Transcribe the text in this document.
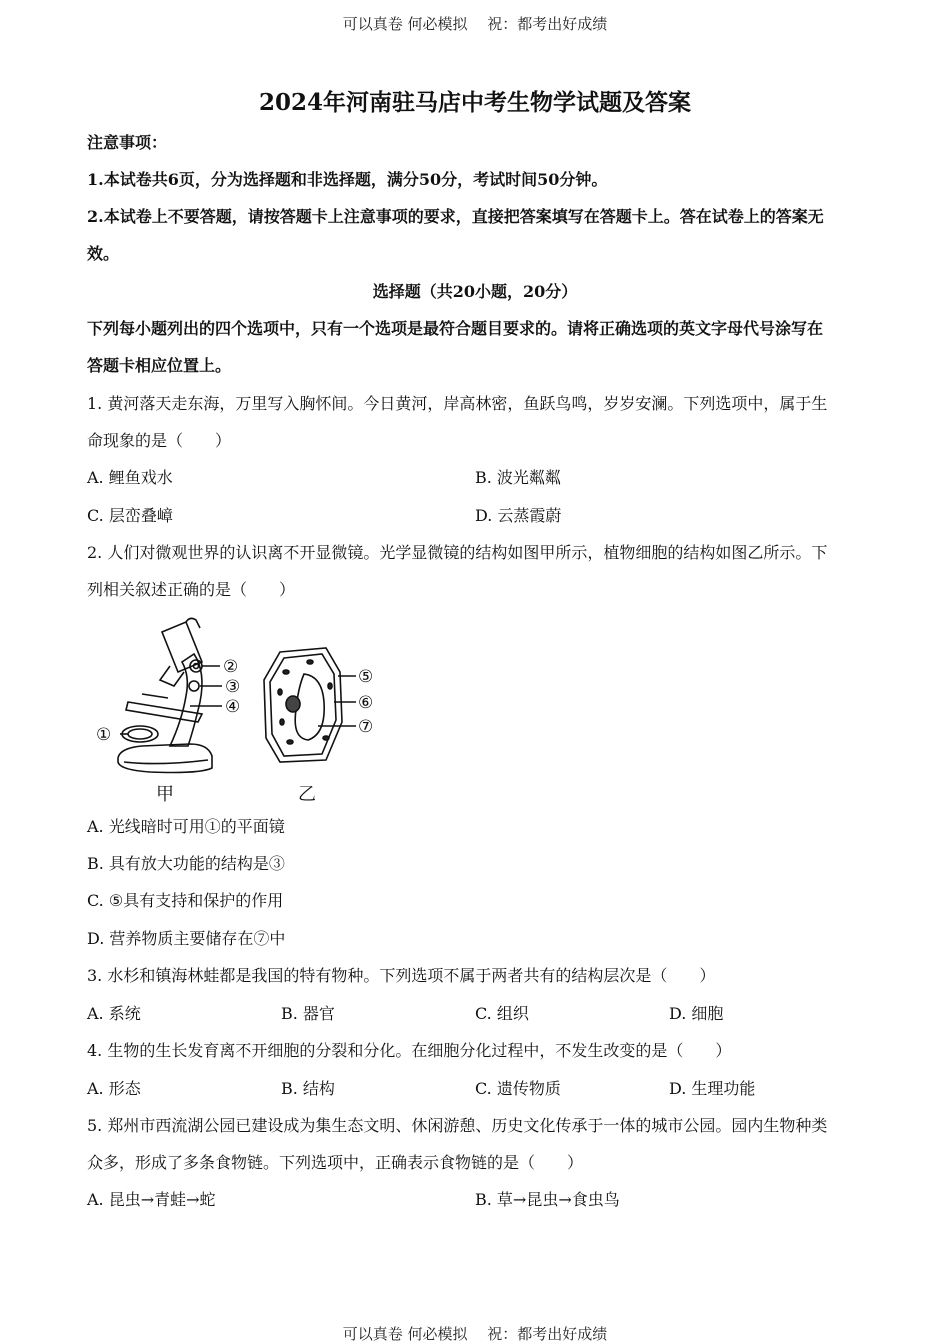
可以真卷 何必模拟　 祝：都考出好成绩
2024年河南驻马店中考生物学试题及答案
注意事项：
1.本试卷共6页，分为选择题和非选择题，满分50分，考试时间50分钟。
2.本试卷上不要答题，请按答题卡上注意事项的要求，直接把答案填写在答题卡上。答在试卷上的答案无
效。
选择题（共20小题，20分）
下列每小题列出的四个选项中，只有一个选项是最符合题目要求的。请将正确选项的英文字母代号涂写在
答题卡相应位置上。
1. 黄河落天走东海，万里写入胸怀间。今日黄河，岸高林密，鱼跃鸟鸣，岁岁安澜。下列选项中，属于生
命现象的是（　　）
A. 鲤鱼戏水	B. 波光粼粼
C. 层峦叠嶂	D. 云蒸霞蔚
2. 人们对微观世界的认识离不开显微镜。光学显微镜的结构如图甲所示，植物细胞的结构如图乙所示。下
列相关叙述正确的是（　　）
②
③
④
①
⑤
⑥
⑦
甲	乙
A. 光线暗时可用①的平面镜
B. 具有放大功能的结构是③
C. ⑤具有支持和保护的作用
D. 营养物质主要储存在⑦中
3. 水杉和镇海林蛙都是我国的特有物种。下列选项不属于两者共有的结构层次是（　　）
A. 系统	B. 器官	C. 组织	D. 细胞
4. 生物的生长发育离不开细胞的分裂和分化。在细胞分化过程中，不发生改变的是（　　）
A. 形态	B. 结构	C. 遗传物质	D. 生理功能
5. 郑州市西流湖公园已建设成为集生态文明、休闲游憩、历史文化传承于一体的城市公园。园内生物种类
众多，形成了多条食物链。下列选项中，正确表示食物链的是（　　）
A. 昆虫→青蛙→蛇	B. 草→昆虫→食虫鸟
可以真卷 何必模拟　 祝：都考出好成绩
